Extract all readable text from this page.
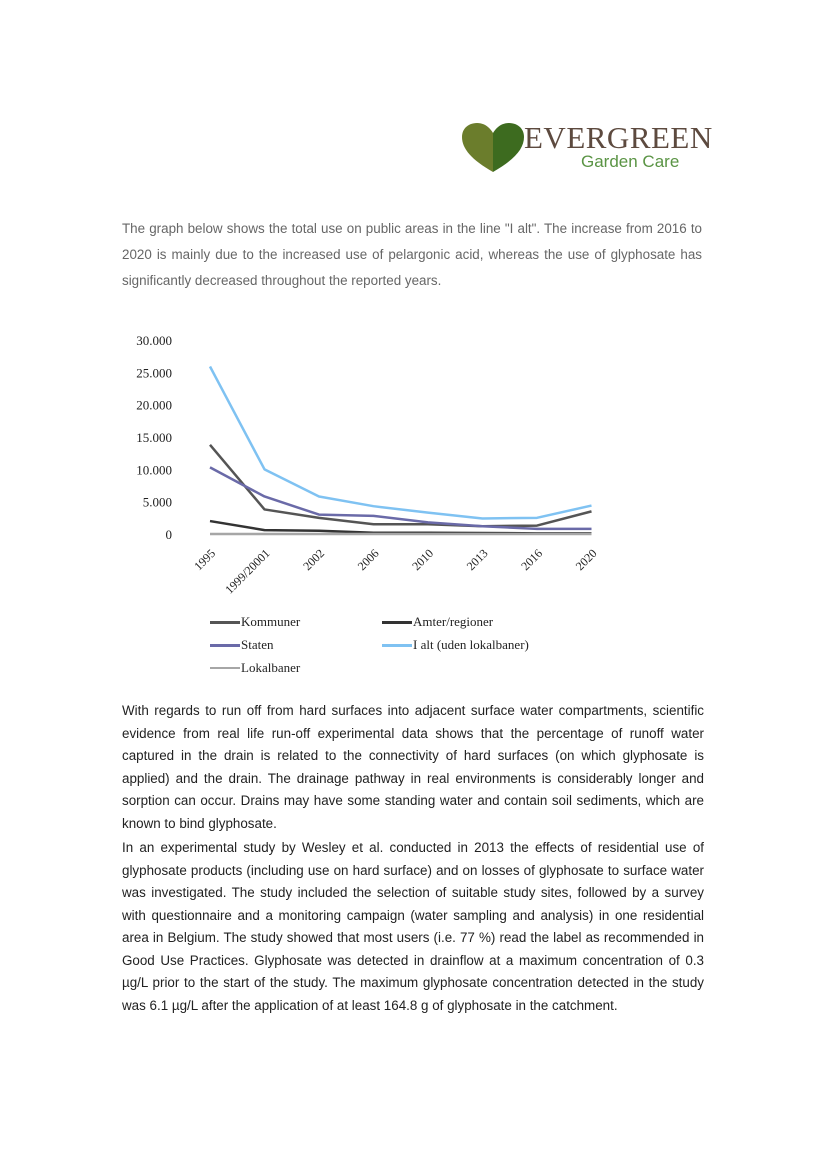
EVERGREEN
Garden Care

The graph below shows the total use on public areas in the line "I alt". The increase from 2016 to 2020 is mainly due to the increased use of pelargonic acid, whereas the use of glyphosate has significantly decreased throughout the reported years.

30.000
25.000
20.000
15.000
10.000
5.000
0
1995 1999/20001 2002 2006 2010 2013 2016 2020
Kommuner	Amter/regioner
Staten	I alt (uden lokalbaner)
Lokalbaner

With regards to run off from hard surfaces into adjacent surface water compartments, scientific evidence from real life run-off experimental data shows that the percentage of runoff water captured in the drain is related to the connectivity of hard surfaces (on which glyphosate is applied) and the drain. The drainage pathway in real environments is considerably longer and sorption can occur. Drains may have some standing water and contain soil sediments, which are known to bind glyphosate.

In an experimental study by Wesley et al. conducted in 2013 the effects of residential use of glyphosate products (including use on hard surface) and on losses of glyphosate to surface water was investigated. The study included the selection of suitable study sites, followed by a survey with questionnaire and a monitoring campaign (water sampling and analysis) in one residential area in Belgium. The study showed that most users (i.e. 77 %) read the label as recommended in Good Use Practices. Glyphosate was detected in drainflow at a maximum concentration of 0.3 µg/L prior to the start of the study. The maximum glyphosate concentration detected in the study was 6.1 µg/L after the application of at least 164.8 g of glyphosate in the catchment.
